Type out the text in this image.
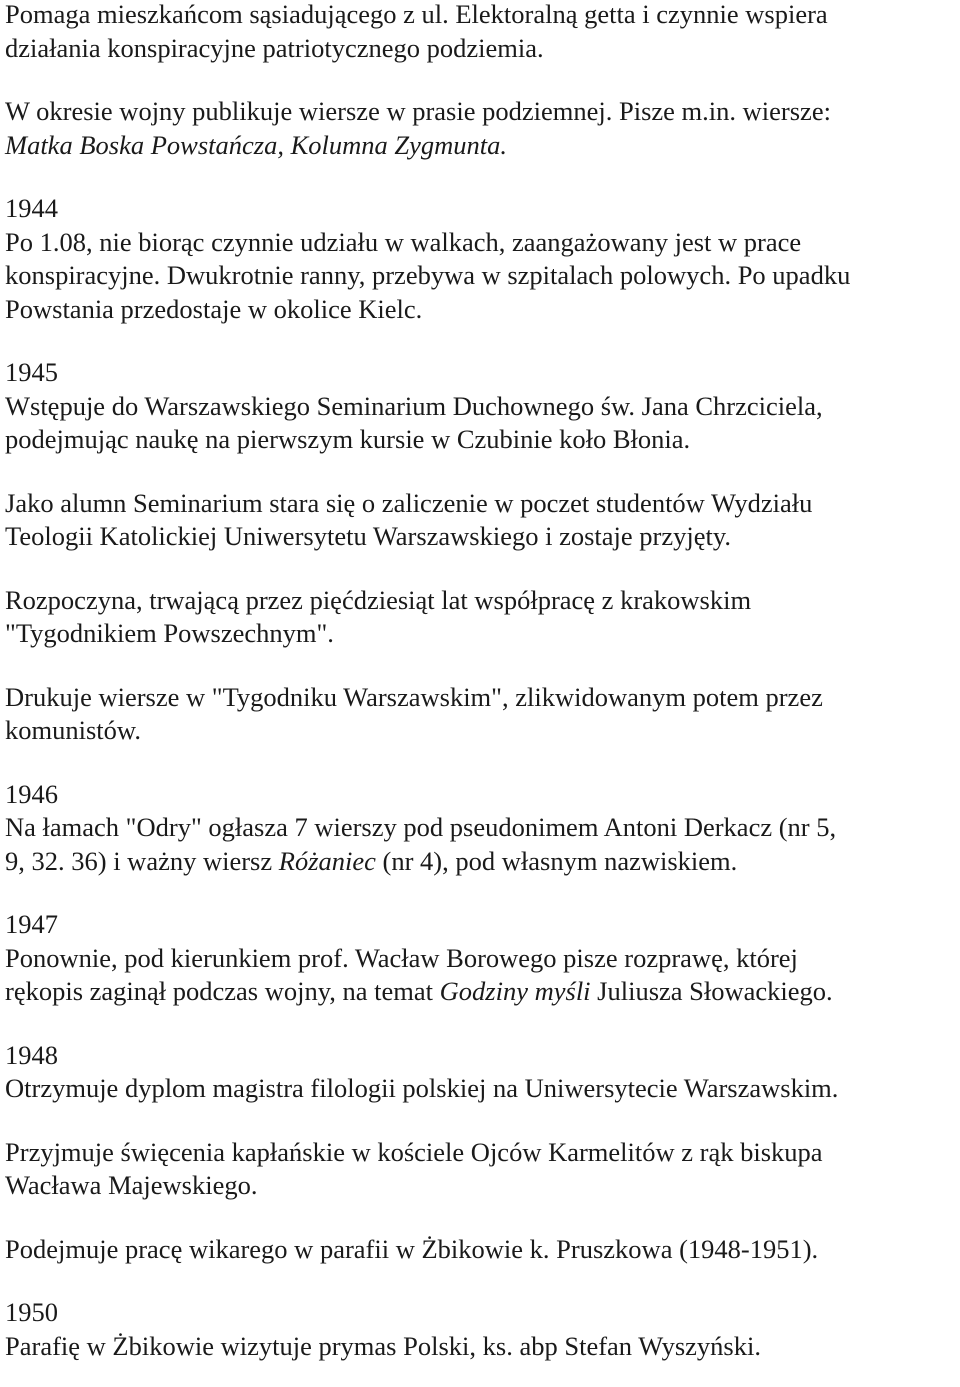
Pomaga mieszkańcom sąsiadującego z ul. Elektoralną getta i czynnie wspiera
działania konspiracyjne patriotycznego podziemia.
W okresie wojny publikuje wiersze w prasie podziemnej. Pisze m.in. wiersze:
Matka Boska Powstańcza, Kolumna Zygmunta.
1944
Po 1.08, nie biorąc czynnie udziału w walkach, zaangażowany jest w prace
konspiracyjne. Dwukrotnie ranny, przebywa w szpitalach polowych. Po upadku
Powstania przedostaje w okolice Kielc.
1945
Wstępuje do Warszawskiego Seminarium Duchownego św. Jana Chrzciciela,
podejmując naukę na pierwszym kursie w Czubinie koło Błonia.
Jako alumn Seminarium stara się o zaliczenie w poczet studentów Wydziału
Teologii Katolickiej Uniwersytetu Warszawskiego i zostaje przyjęty.
Rozpoczyna, trwającą przez pięćdziesiąt lat współpracę z krakowskim
"Tygodnikiem Powszechnym".
Drukuje wiersze w "Tygodniku Warszawskim", zlikwidowanym potem przez
komunistów.
1946
Na łamach "Odry" ogłasza 7 wierszy pod pseudonimem Antoni Derkacz (nr 5,
9, 32. 36) i ważny wiersz Różaniec (nr 4), pod własnym nazwiskiem.
1947
Ponownie, pod kierunkiem prof. Wacław Borowego pisze rozprawę, której
rękopis zaginął podczas wojny, na temat Godziny myśli Juliusza Słowackiego.
1948
Otrzymuje dyplom magistra filologii polskiej na Uniwersytecie Warszawskim.
Przyjmuje święcenia kapłańskie w kościele Ojców Karmelitów z rąk biskupa
Wacława Majewskiego.
Podejmuje pracę wikarego w parafii w Żbikowie k. Pruszkowa (1948-1951).
1950
Parafię w Żbikowie wizytuje prymas Polski, ks. abp Stefan Wyszyński.
